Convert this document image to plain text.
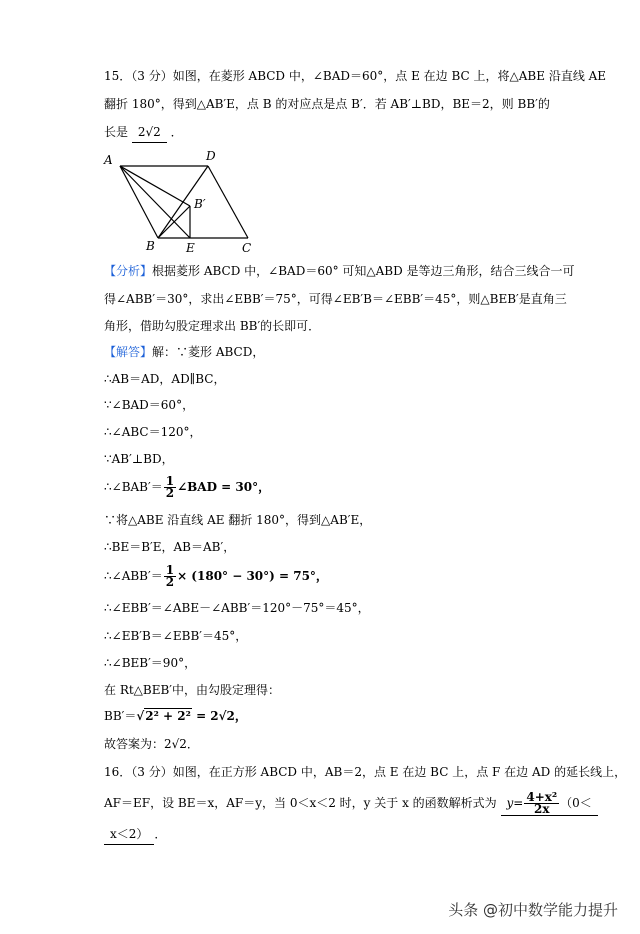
15．（3 分）如图，在菱形 ABCD 中，∠BAD＝60°，点 E 在边 BC 上，将△ABE 沿直线 AE
翻折 180°，得到△AB′E，点 B 的对应点是点 B′．若 AB′⊥BD，BE＝2，则 BB′的
长是 2√2 ．
A	D
B′
B	E	C
【分析】根据菱形 ABCD 中，∠BAD＝60° 可知△ABD 是等边三角形，结合三线合一可
得∠ABB′＝30°，求出∠EBB′＝75°，可得∠EB′B＝∠EBB′＝45°，则△BEB′是直角三
角形，借助勾股定理求出 BB′的长即可．
【解答】解：∵菱形 ABCD，
∴AB＝AD，AD∥BC，
∵∠BAD＝60°，
∴∠ABC＝120°，
∵AB′⊥BD，
∴∠BAB′＝ $\frac{1}{2}$ ∠BAD = 30°，
∵将△ABE 沿直线 AE 翻折 180°，得到△AB′E，
∴BE＝B′E，AB＝AB′，
∴∠ABB′＝ $\frac{1}{2} \times (180^\circ - 30^\circ) = 75^\circ$，
∴∠EBB′＝∠ABE－∠ABB′＝120°－75°＝45°，
∴∠EB′B＝∠EBB′＝45°，
∴∠BEB′＝90°，
在 Rt△BEB′中，由勾股定理得：
BB′＝√2² + 2² = 2√2，
故答案为：2√2．
16．（3 分）如图，在正方形 ABCD 中，AB＝2，点 E 在边 BC 上，点 F 在边 AD 的延长线上，
AF＝EF，设 BE＝x，AF＝y，当 0＜x＜2 时，y 关于 x 的函数解析式为 $y= \frac{\text{4+x²}}{2x} (0<$
x＜2） ．
头条 @初中数学能力提升
